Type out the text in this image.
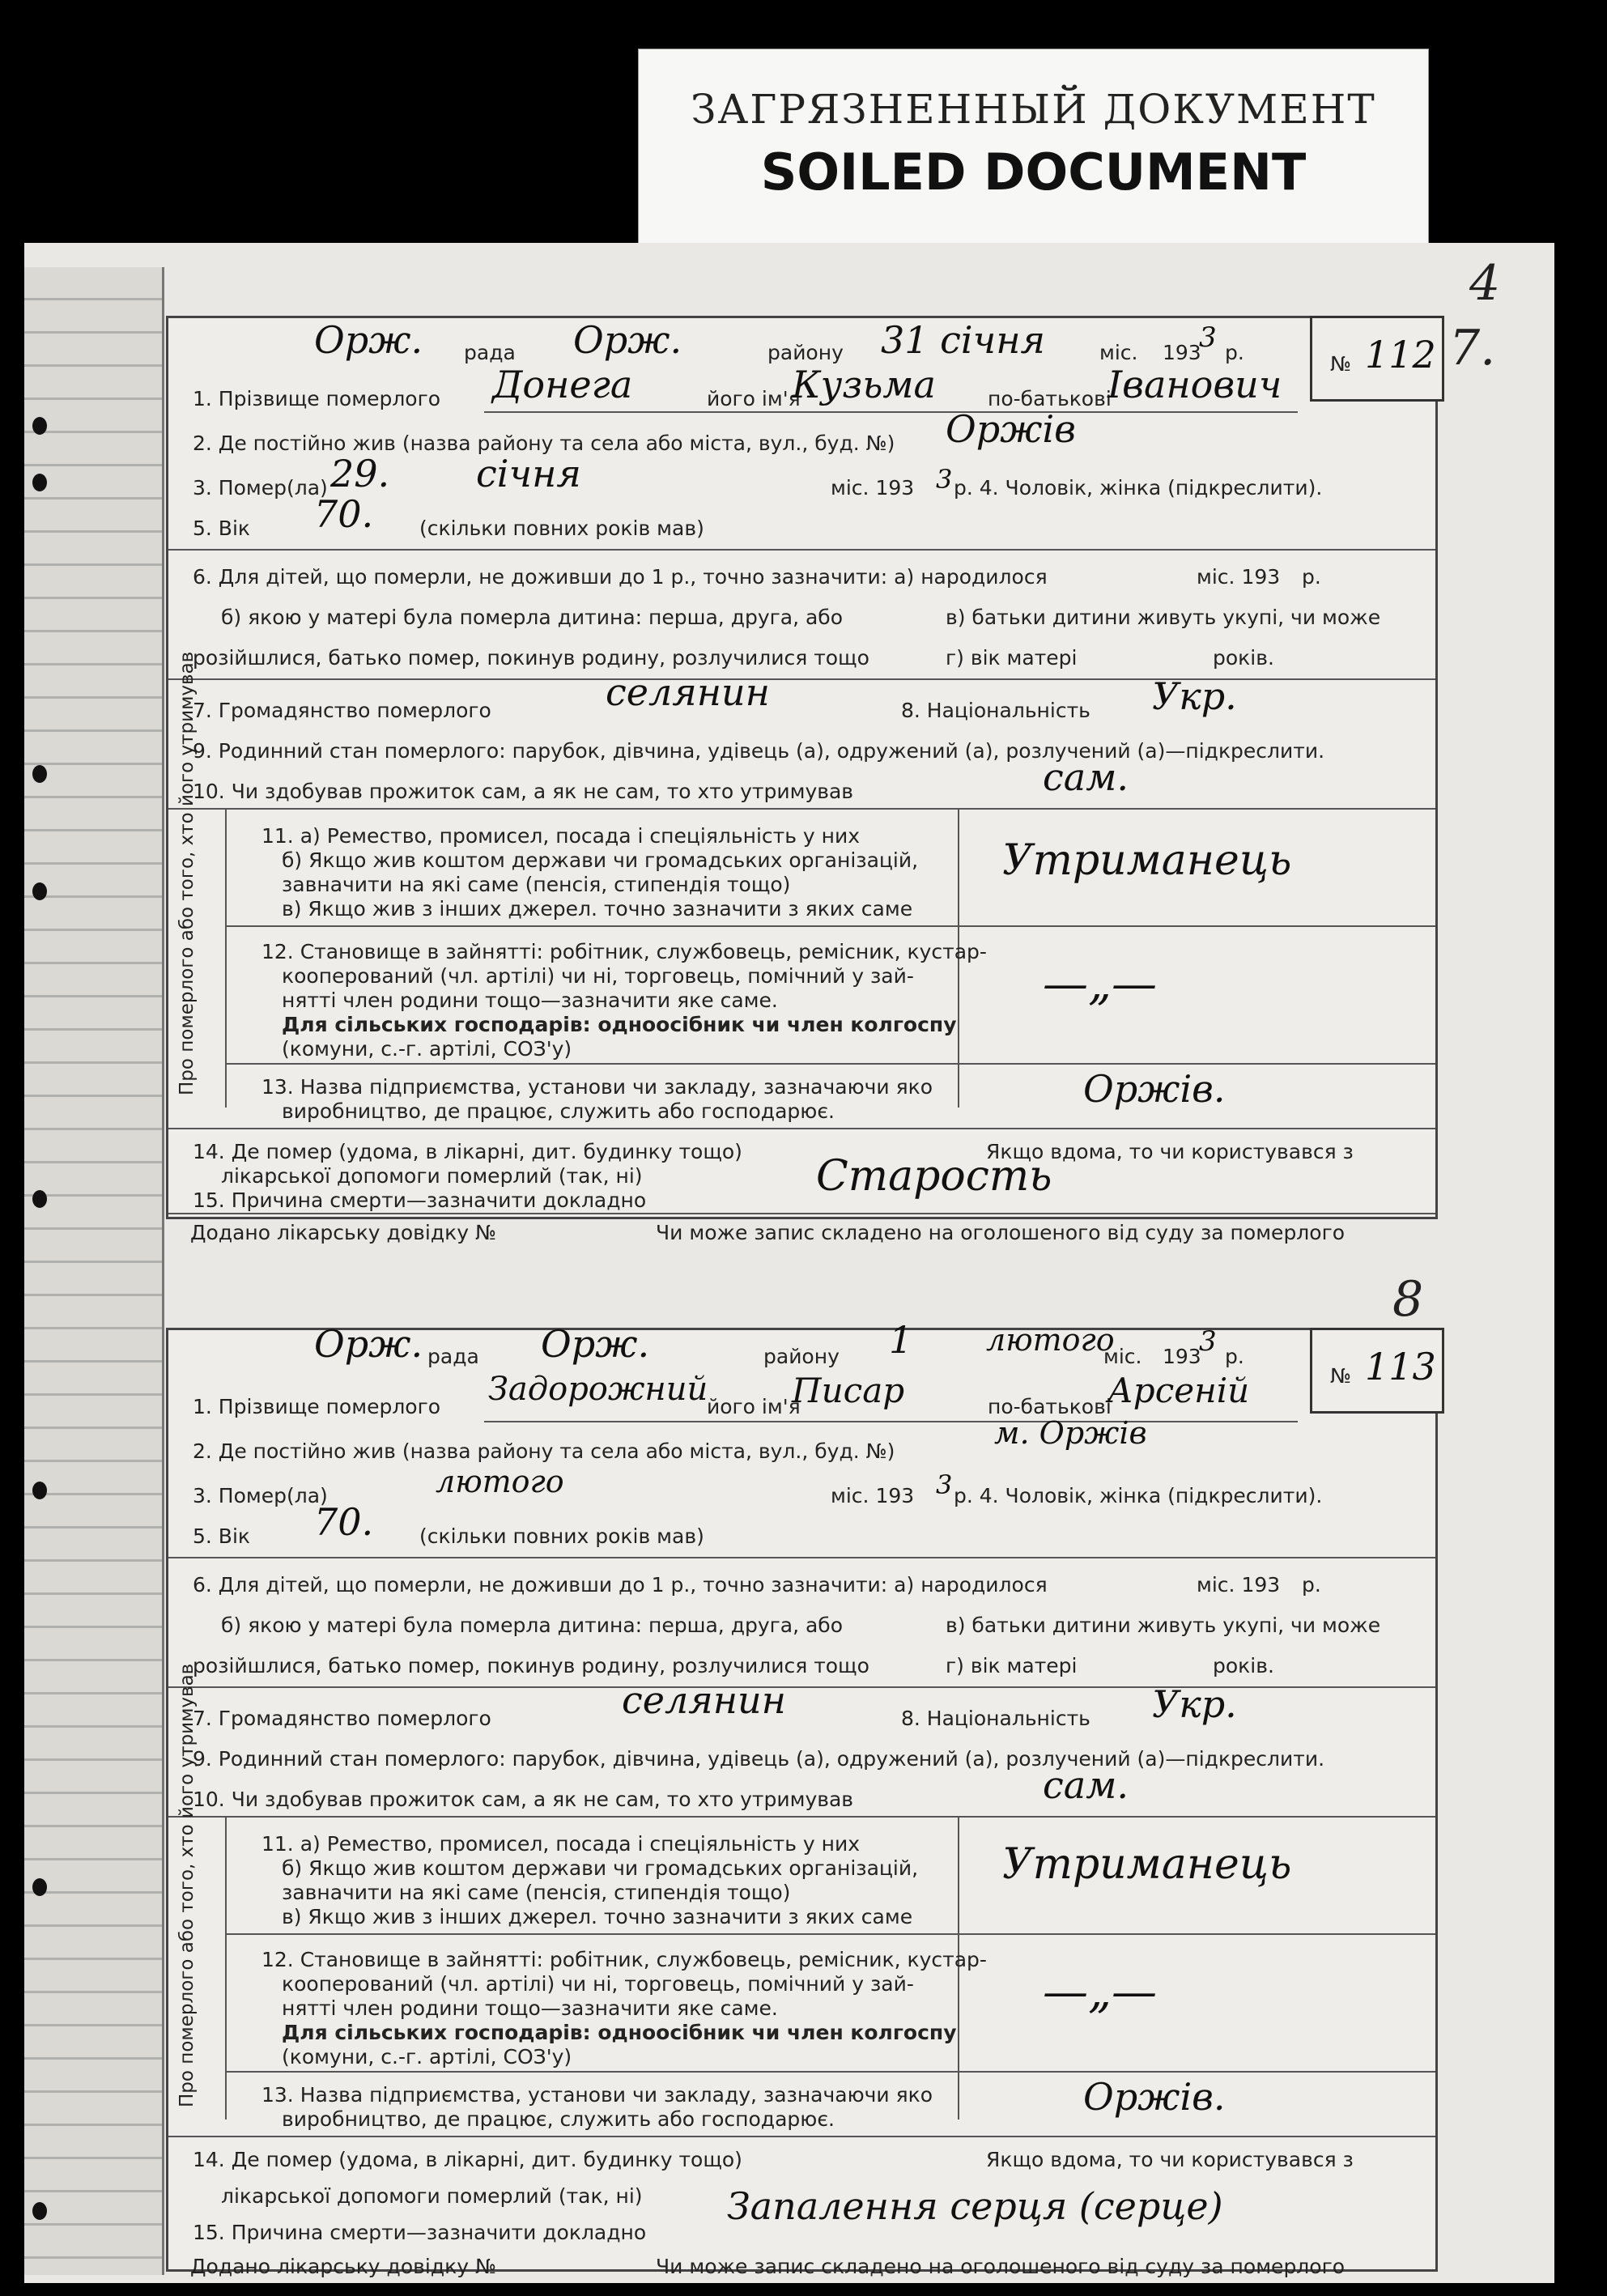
ЗАГРЯЗНЕННЫЙ ДОКУМЕНТ
SOILED DOCUMENT
4
7.
8
Орж. рада Орж.	району 31 січня	міс. 193
3 р.	№ 112
1. Прізвище померлого Донега	його ім'я
Кузьма	по-батькові
Іванович
2. Де постійно жив (назва району та села або міста, вул., буд. №) Оржів
3. Помер(ла) 29. січня	міс. 193 3 р. 4. Чоловік, жінка (підкреслити).
5. Вік 70. (скільки повних років мав)
6. Для дітей, що померли, не доживши до 1 р., точно зазначити: а) народилося	міс. 193 р.
б) якою у матері була померла дитина: перша, друга, або	в) батьки дитини живуть укупі, чи може
розійшлися, батько помер, покинув родину, розлучилися тощо	г) вік матері	років.
7. Громадянство померлого	селянин	8. Національність Укр.
9. Родинний стан померлого: парубок, дівчина, удівець (а), одружений (а), розлучений (а)—підкреслити.
10. Чи здобував прожиток сам, а як не сам, то хто утримував	сам.
Про померлого або того, хто його утримував	11. а) Ремество, промисел, посада і спеціяльність у них
б) Якщо жив коштом держави чи громадських організацій,
завначити на які саме (пенсія, стипендія тощо)
в) Якщо жив з інших джерел. точно зазначити з яких саме
Утриманець
12. Становище в зайнятті: робітник, службовець, ремісник, кустар-
кооперований (чл. артілі) чи ні, торговець, помічний у зай-
нятті член родини тощо—зазначити яке саме.
Для сільських господарів: одноосібник чи член колгоспу
(комуни, с.-г. артілі, СОЗ'у)
—„—
13. Назва підприємства, установи чи закладу, зазначаючи яко
виробництво, де працює, служить або господарює.
Оржів.
14. Де помер (удома, в лікарні, дит. будинку тощо)	Якщо вдома, то чи користувався з
лікарської допомоги померлий (так, ні)
15. Причина смерти—зазначити докладно	Старость
Додано лікарську довідку №	Чи може запис складено на оголошеного від суду за померлого
Орж. рада Орж.	району 1 лютого
міс. 193
3 р.
№ 113
1. Прізвище померлого Задорожний
його ім'я
Писар	по-батькові
Арсеній
2. Де постійно жив (назва району та села або міста, вул., буд. №)
м. Оржів
3. Помер(ла)	лютого	міс. 193 3 р. 4. Чоловік, жінка (підкреслити).
5. Вік 70. (скільки повних років мав)
6. Для дітей, що померли, не доживши до 1 р., точно зазначити: а) народилося	міс. 193 р.
б) якою у матері була померла дитина: перша, друга, або	в) батьки дитини живуть укупі, чи може
розійшлися, батько помер, покинув родину, розлучилися тощо	г) вік матері	років.
7. Громадянство померлого	селянин	8. Національність Укр.
9. Родинний стан померлого: парубок, дівчина, удівець (а), одружений (а), розлучений (а)—підкреслити.
10. Чи здобував прожиток сам, а як не сам, то хто утримував	сам.
Про померлого або того, хто його утримував	11. а) Ремество, промисел, посада і спеціяльність у них
б) Якщо жив коштом держави чи громадських організацій,
завначити на які саме (пенсія, стипендія тощо)
в) Якщо жив з інших джерел. точно зазначити з яких саме
Утриманець
12. Становище в зайнятті: робітник, службовець, ремісник, кустар-
кооперований (чл. артілі) чи ні, торговець, помічний у зай-
нятті член родини тощо—зазначити яке саме.
Для сільських господарів: одноосібник чи член колгоспу
(комуни, с.-г. артілі, СОЗ'у)
—„—
13. Назва підприємства, установи чи закладу, зазначаючи яко
виробництво, де працює, служить або господарює.
Оржів.
14. Де помер (удома, в лікарні, дит. будинку тощо)	Якщо вдома, то чи користувався з
лікарської допомоги померлий (так, ні)
15. Причина смерти—зазначити докладно
Запалення серця (серце)
Додано лікарську довідку №	Чи може запис складено на оголошеного від суду за померлого
